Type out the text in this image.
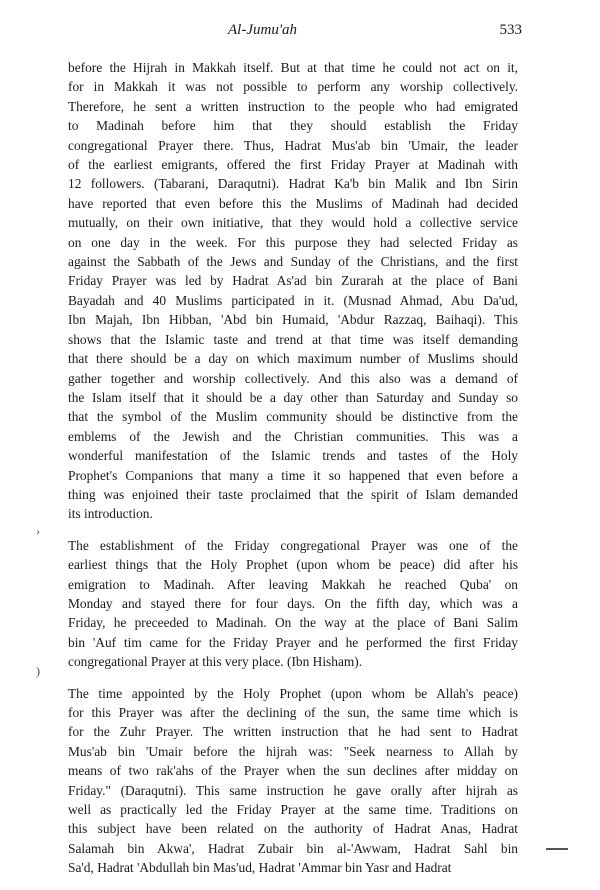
Al-Jumu'ah	533
before the Hijrah in Makkah itself. But at that time he could not act on it,
for in Makkah it was not possible to perform any worship collectively.
Therefore, he sent a written instruction to the people who had emigrated
to Madinah before him that they should establish the Friday
congregational Prayer there. Thus, Hadrat Mus'ab bin 'Umair, the leader
of the earliest emigrants, offered the first Friday Prayer at Madinah with
12 followers. (Tabarani, Daraqutni). Hadrat Ka'b bin Malik and Ibn Sirin
have reported that even before this the Muslims of Madinah had decided
mutually, on their own initiative, that they would hold a collective service
on one day in the week. For this purpose they had selected Friday as
against the Sabbath of the Jews and Sunday of the Christians, and the first
Friday Prayer was led by Hadrat As'ad bin Zurarah at the place of Bani
Bayadah and 40 Muslims participated in it. (Musnad Ahmad, Abu Da'ud,
Ibn Majah, Ibn Hibban, 'Abd bin Humaid, 'Abdur Razzaq, Baihaqi). This
shows that the Islamic taste and trend at that time was itself demanding
that there should be a day on which maximum number of Muslims should
gather together and worship collectively. And this also was a demand of
the Islam itself that it should be a day other than Saturday and Sunday so
that the symbol of the Muslim community should be distinctive from the
emblems of the Jewish and the Christian communities. This was a
wonderful manifestation of the Islamic trends and tastes of the Holy
Prophet's Companions that many a time it so happened that even before a
thing was enjoined their taste proclaimed that the spirit of Islam demanded
its introduction.
The establishment of the Friday congregational Prayer was one of the
earliest things that the Holy Prophet (upon whom be peace) did after his
emigration to Madinah. After leaving Makkah he reached Quba' on
Monday and stayed there for four days. On the fifth day, which was a
Friday, he preceeded to Madinah. On the way at the place of Bani Salim
bin 'Auf tim came for the Friday Prayer and he performed the first Friday
congregational Prayer at this very place. (Ibn Hisham).
The time appointed by the Holy Prophet (upon whom be Allah's peace)
for this Prayer was after the declining of the sun, the same time which is
for the Zuhr Prayer. The written instruction that he had sent to Hadrat
Mus'ab bin 'Umair before the hijrah was: "Seek nearness to Allah by
means of two rak'ahs of the Prayer when the sun declines after midday on
Friday." (Daraqutni). This same instruction he gave orally after hijrah as
well as practically led the Friday Prayer at the same time. Traditions on
this subject have been related on the authority of Hadrat Anas, Hadrat
Salamah bin Akwa', Hadrat Zubair bin al-'Awwam, Hadrat Sahl bin
Sa'd, Hadrat 'Abdullah bin Mas'ud, Hadrat 'Ammar bin Yasr and Hadrat
›
)
